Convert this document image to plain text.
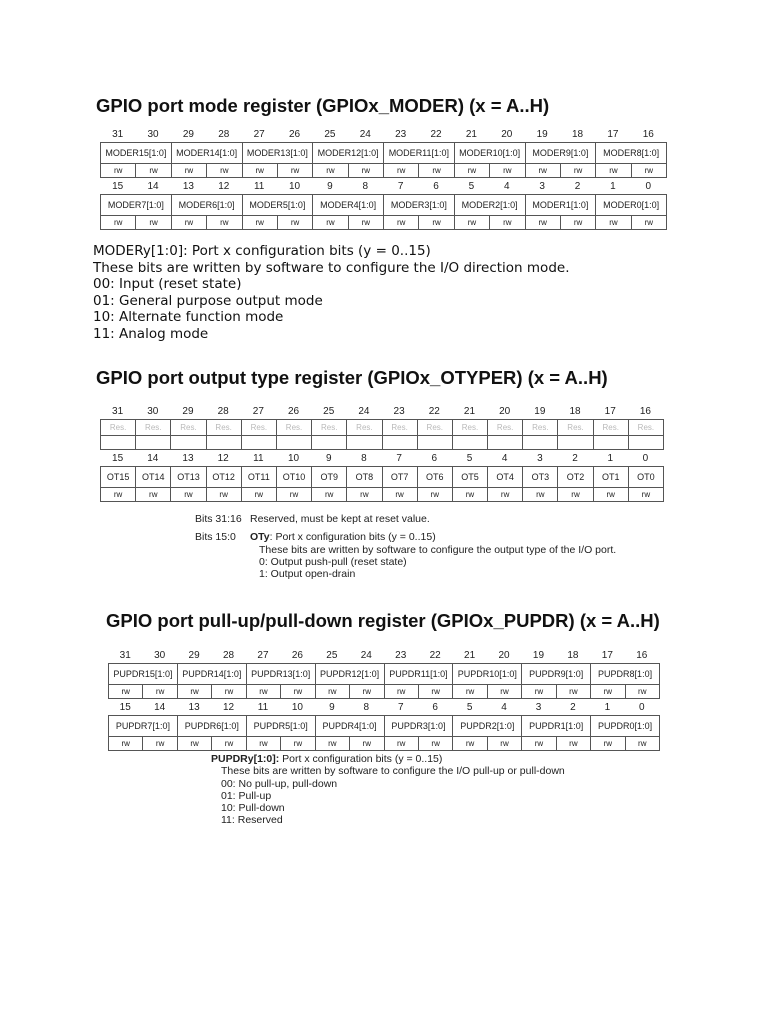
GPIO port mode register (GPIOx_MODER) (x = A..H)
31	30	29	28	27	26	25	24	23	22	21	20	19	18	17	16
MODER15[1:0]	MODER14[1:0]	MODER13[1:0]	MODER12[1:0]	MODER11[1:0]	MODER10[1:0]	MODER9[1:0]	MODER8[1:0]
rw	rw	rw	rw	rw	rw	rw	rw	rw	rw	rw	rw	rw	rw	rw	rw
15	14	13	12	11	10	9	8	7	6	5	4	3	2	1	0
MODER7[1:0]	MODER6[1:0]	MODER5[1:0]	MODER4[1:0]	MODER3[1:0]	MODER2[1:0]	MODER1[1:0]	MODER0[1:0]
rw	rw	rw	rw	rw	rw	rw	rw	rw	rw	rw	rw	rw	rw	rw	rw
MODERy[1:0]: Port x configuration bits (y = 0..15)
These bits are written by software to configure the I/O direction mode.
00: Input (reset state)
01: General purpose output mode
10: Alternate function mode
11: Analog mode
GPIO port output type register (GPIOx_OTYPER) (x = A..H)
31	30	29	28	27	26	25	24	23	22	21	20	19	18	17	16
Res.	Res.	Res.	Res.	Res.	Res.	Res.	Res.	Res.	Res.	Res.	Res.	Res.	Res.	Res.	Res.
15	14	13	12	11	10	9	8	7	6	5	4	3	2	1	0
OT15	OT14	OT13	OT12	OT11	OT10	OT9	OT8	OT7	OT6	OT5	OT4	OT3	OT2	OT1	OT0
rw	rw	rw	rw	rw	rw	rw	rw	rw	rw	rw	rw	rw	rw	rw	rw
Bits 31:16 Reserved, must be kept at reset value.
Bits 15:0 OTy: Port x configuration bits (y = 0..15)
These bits are written by software to configure the output type of the I/O port.
0: Output push-pull (reset state)
1: Output open-drain
GPIO port pull-up/pull-down register (GPIOx_PUPDR) (x = A..H)
31	30	29	28	27	26	25	24	23	22	21	20	19	18	17	16
PUPDR15[1:0]	PUPDR14[1:0]	PUPDR13[1:0]	PUPDR12[1:0]	PUPDR11[1:0]	PUPDR10[1:0]	PUPDR9[1:0]	PUPDR8[1:0]
rw	rw	rw	rw	rw	rw	rw	rw	rw	rw	rw	rw	rw	rw	rw	rw
15	14	13	12	11	10	9	8	7	6	5	4	3	2	1	0
PUPDR7[1:0]	PUPDR6[1:0]	PUPDR5[1:0]	PUPDR4[1:0]	PUPDR3[1:0]	PUPDR2[1:0]	PUPDR1[1:0]	PUPDR0[1:0]
rw	rw	rw	rw	rw	rw	rw	rw	rw	rw	rw	rw	rw	rw	rw	rw
PUPDRy[1:0]: Port x configuration bits (y = 0..15)
These bits are written by software to configure the I/O pull-up or pull-down
00: No pull-up, pull-down
01: Pull-up
10: Pull-down
11: Reserved
